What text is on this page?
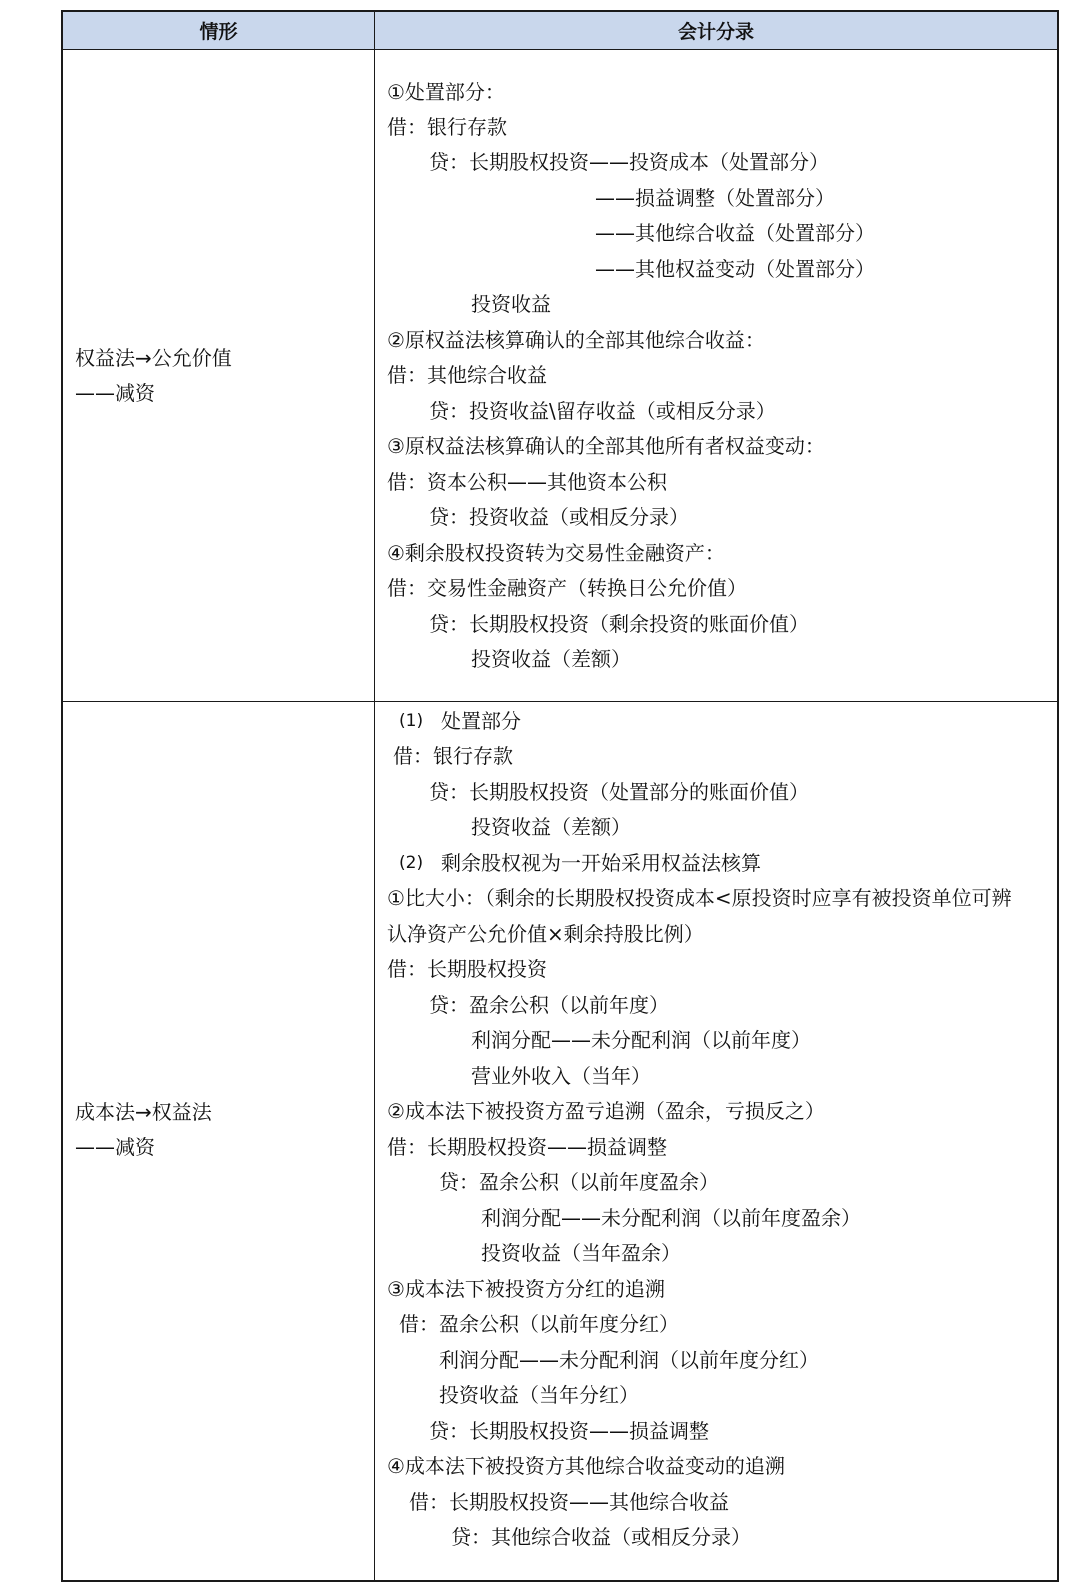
情形	会计分录
权益法→公允价值
——减资
①处置部分：
借：银行存款
贷：长期股权投资——投资成本（处置部分）
——损益调整（处置部分）
——其他综合收益（处置部分）
——其他权益变动（处置部分）
投资收益
②原权益法核算确认的全部其他综合收益：
借：其他综合收益
贷：投资收益\留存收益（或相反分录）
③原权益法核算确认的全部其他所有者权益变动：
借：资本公积——其他资本公积
贷：投资收益（或相反分录）
④剩余股权投资转为交易性金融资产：
借：交易性金融资产（转换日公允价值）
贷：长期股权投资（剩余投资的账面价值）
投资收益（差额）
成本法→权益法
——减资
(1) 处置部分
借：银行存款
贷：长期股权投资（处置部分的账面价值）
投资收益（差额）
(2) 剩余股权视为一开始采用权益法核算
①比大小：（剩余的长期股权投资成本<原投资时应享有被投资单位可辨
认净资产公允价值×剩余持股比例）
借：长期股权投资
贷：盈余公积（以前年度）
利润分配——未分配利润（以前年度）
营业外收入（当年）
②成本法下被投资方盈亏追溯（盈余，亏损反之）
借：长期股权投资——损益调整
贷：盈余公积（以前年度盈余）
利润分配——未分配利润（以前年度盈余）
投资收益（当年盈余）
③成本法下被投资方分红的追溯
借：盈余公积（以前年度分红）
利润分配——未分配利润（以前年度分红）
投资收益（当年分红）
贷：长期股权投资——损益调整
④成本法下被投资方其他综合收益变动的追溯
借：长期股权投资——其他综合收益
贷：其他综合收益（或相反分录）
